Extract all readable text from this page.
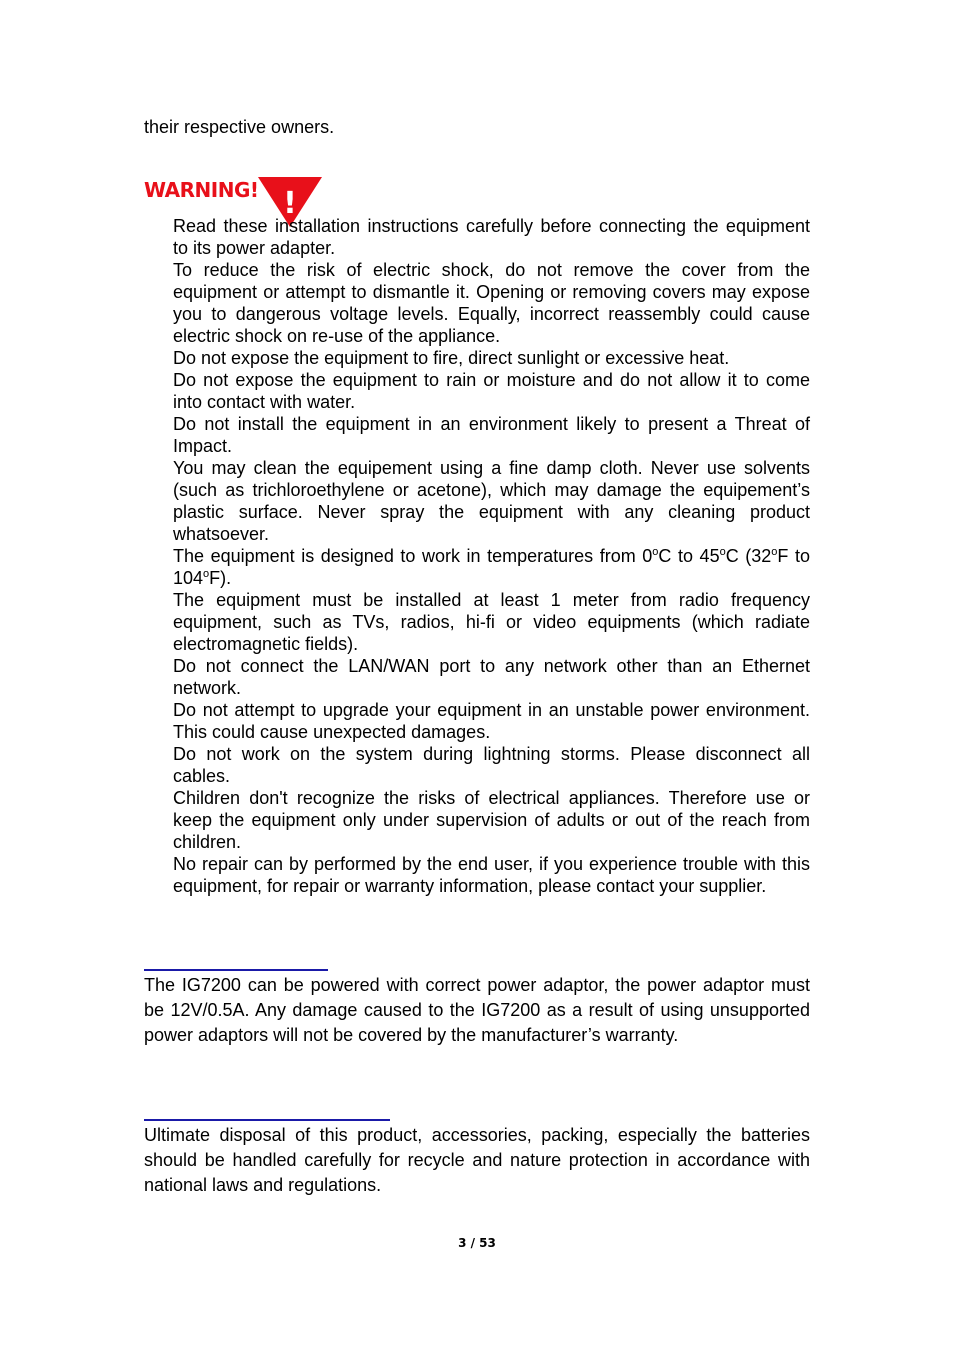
their respective owners.
WARNING! !

Read these installation instructions carefully before connecting the equipment to its power adapter.

To reduce the risk of electric shock, do not remove the cover from the equipment or attempt to dismantle it. Opening or removing covers may expose you to dangerous voltage levels. Equally, incorrect reassembly could cause electric shock on re-use of the appliance.

Do not expose the equipment to fire, direct sunlight or excessive heat.

Do not expose the equipment to rain or moisture and do not allow it to come into contact with water.

Do not install the equipment in an environment likely to present a Threat of Impact.

You may clean the equipement using a fine damp cloth. Never use solvents (such as trichloroethylene or acetone), which may damage the equipement’s plastic surface. Never spray the equipment with any cleaning product whatsoever.

The equipment is designed to work in temperatures from 0$^o$C to 45$^o$C (32$^o$F to 104$^o$F).

The equipment must be installed at least 1 meter from radio frequency equipment, such as TVs, radios, hi-fi or video equipments (which radiate electromagnetic fields).

Do not connect the LAN/WAN port to any network other than an Ethernet network.

Do not attempt to upgrade your equipment in an unstable power environment. This could cause unexpected damages.

Do not work on the system during lightning storms. Please disconnect all cables.

Children don't recognize the risks of electrical appliances. Therefore use or keep the equipment only under supervision of adults or out of the reach from children.

No repair can by performed by the end user, if you experience trouble with this equipment, for repair or warranty information, please contact your supplier.

The IG7200 can be powered with correct power adaptor, the power adaptor must be 12V/0.5A. Any damage caused to the IG7200 as a result of using unsupported power adaptors will not be covered by the manufacturer’s warranty.
Ultimate disposal of this product, accessories, packing, especially the batteries should be handled carefully for recycle and nature protection in accordance with national laws and regulations.
3 / 53
